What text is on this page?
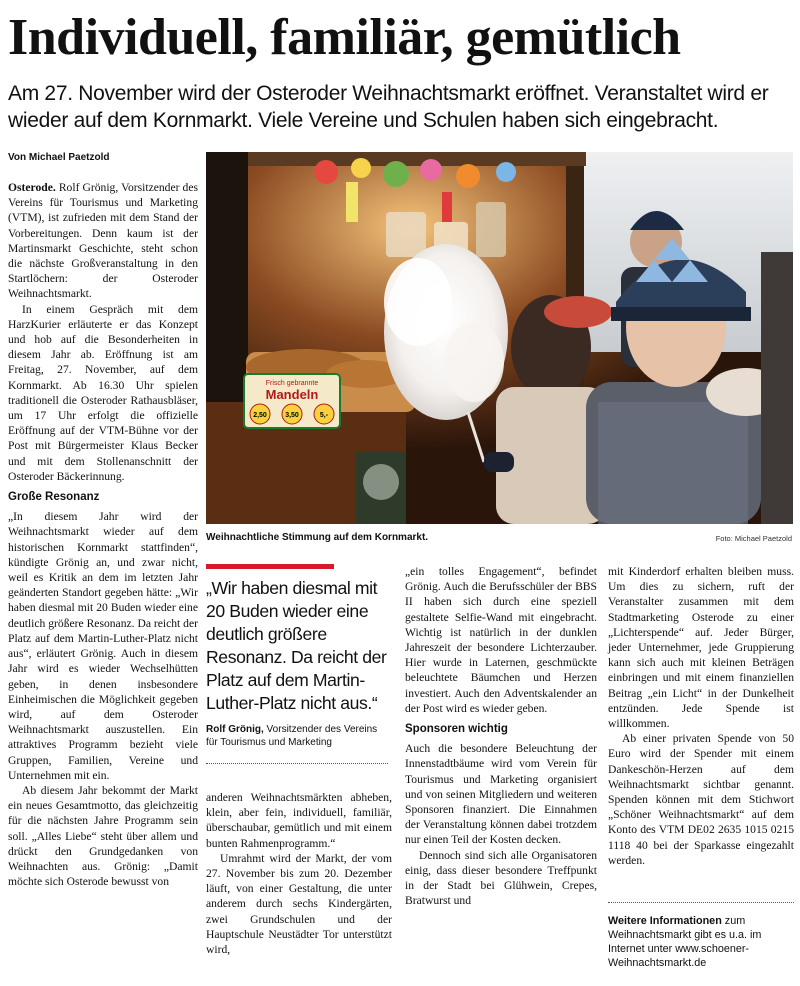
Individuell, familiär, gemütlich
Am 27. November wird der Osteroder Weihnachtsmarkt eröffnet. Veranstaltet wird er wieder auf dem Kornmarkt. Viele Vereine und Schulen haben sich eingebracht.
Von Michael Paetzold

Osterode. Rolf Grönig, Vorsitzender des Vereins für Tourismus und Marketing (VTM), ist zufrieden mit dem Stand der Vorbereitungen. Denn kaum ist der Martinsmarkt Geschichte, steht schon die nächste Großveranstaltung in den Startlöchern: der Osteroder Weihnachtsmarkt.

In einem Gespräch mit dem HarzKurier erläuterte er das Konzept und hob auf die Besonderheiten in diesem Jahr ab. Eröffnung ist am Freitag, 27. November, auf dem Kornmarkt. Ab 16.30 Uhr spielen traditionell die Osteroder Rathausbläser, um 17 Uhr erfolgt die offizielle Eröffnung auf der VTM-Bühne vor der Post mit Bürgermeister Klaus Becker und mit dem Stollenanschnitt der Osteroder Bäckerinnung.

Große Resonanz

„In diesem Jahr wird der Weihnachtsmarkt wieder auf dem historischen Kornmarkt stattfinden“, kündigte Grönig an, und zwar nicht, weil es Kritik an dem im letzten Jahr geänderten Standort gegeben hätte: „Wir haben diesmal mit 20 Buden wieder eine deutlich größere Resonanz. Da reicht der Platz auf dem Martin-Luther-Platz nicht aus“, erläutert Grönig. Auch in diesem Jahr wird es wieder Wechselhütten geben, in denen insbesondere Einheimischen die Möglichkeit gegeben wird, auf dem Osteroder Weihnachtsmarkt auszustellen. Ein attraktives Programm bezieht viele Gruppen, Familien, Vereine und Unternehmen mit ein.

Ab diesem Jahr bekommt der Markt ein neues Gesamtmotto, das gleichzeitig für die nächsten Jahre Programm sein soll. „Alles Liebe“ steht über allem und drückt den Grundgedanken von Weihnachten aus. Grönig: „Damit möchte sich Osterode bewusst von

Frisch gebrannte
Mandeln
2,50	3,50	5,-
Weihnachtliche Stimmung auf dem Kornmarkt.	Foto: Michael Paetzold
„Wir haben diesmal mit 20 Buden wieder eine deutlich größere Resonanz. Da reicht der Platz auf dem Martin-Luther-Platz nicht aus.“
Rolf Grönig, Vorsitzender des Vereins für Tourismus und Marketing

anderen Weihnachtsmärkten abheben, klein, aber fein, individuell, familiär, überschaubar, gemütlich und mit einem bunten Rahmenprogramm.“

Umrahmt wird der Markt, der vom 27. November bis zum 20. Dezember läuft, von einer Gestaltung, die unter anderem durch sechs Kindergärten, zwei Grundschulen und der Hauptschule Neustädter Tor unterstützt wird,

„ein tolles Engagement“, befindet Grönig. Auch die Berufsschüler der BBS II haben sich durch eine speziell gestaltete Selfie-Wand mit eingebracht. Wichtig ist natürlich in der dunklen Jahreszeit der besondere Lichterzauber. Hier wurde in Laternen, geschmückte beleuchtete Bäumchen und Herzen investiert. Auch den Adventskalender an der Post wird es wieder geben.

Sponsoren wichtig

Auch die besondere Beleuchtung der Innenstadtbäume wird vom Verein für Tourismus und Marketing organisiert und von seinen Mitgliedern und weiteren Sponsoren finanziert. Die Einnahmen der Veranstaltung können dabei trotzdem nur einen Teil der Kosten decken.

Dennoch sind sich alle Organisatoren einig, dass dieser besondere Treffpunkt in der Stadt bei Glühwein, Crepes, Bratwurst und

mit Kinderdorf erhalten bleiben muss. Um dies zu sichern, ruft der Veranstalter zusammen mit dem Stadtmarketing Osterode zu einer „Lichterspende“ auf. Jeder Bürger, jeder Unternehmer, jede Gruppierung kann sich auch mit kleinen Beträgen einbringen und mit einem finanziellen Beitrag „ein Licht“ in der Dunkelheit entzünden. Jede Spende ist willkommen.

Ab einer privaten Spende von 50 Euro wird der Spender mit einem Dankeschön-Herzen auf dem Weihnachtsmarkt sichtbar genannt. Spenden können mit dem Stichwort „Schöner Weihnachtsmarkt“ auf dem Konto des VTM DE02 2635 1015 0215 1118 40 bei der Sparkasse eingezahlt werden.

Weitere Informationen zum Weihnachtsmarkt gibt es u.a. im Internet unter www.schoener-Weihnachtsmarkt.de
